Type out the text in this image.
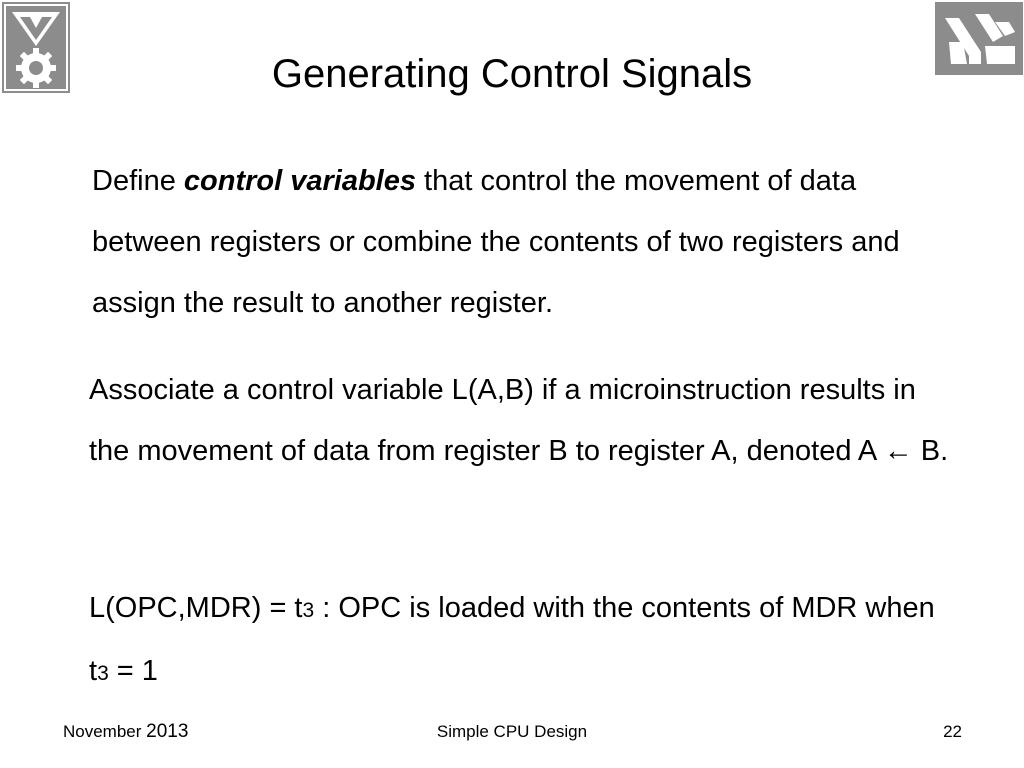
Generating Control Signals

Define control variables that control the movement of data between registers or combine the contents of two registers and assign the result to another register.

Associate a control variable L(A,B) if a microinstruction results in the movement of data from register B to register A, denoted A ← B.

L(OPC,MDR) = t3 : OPC is loaded with the contents of MDR when t3 = 1

November 2013	Simple CPU Design	22
